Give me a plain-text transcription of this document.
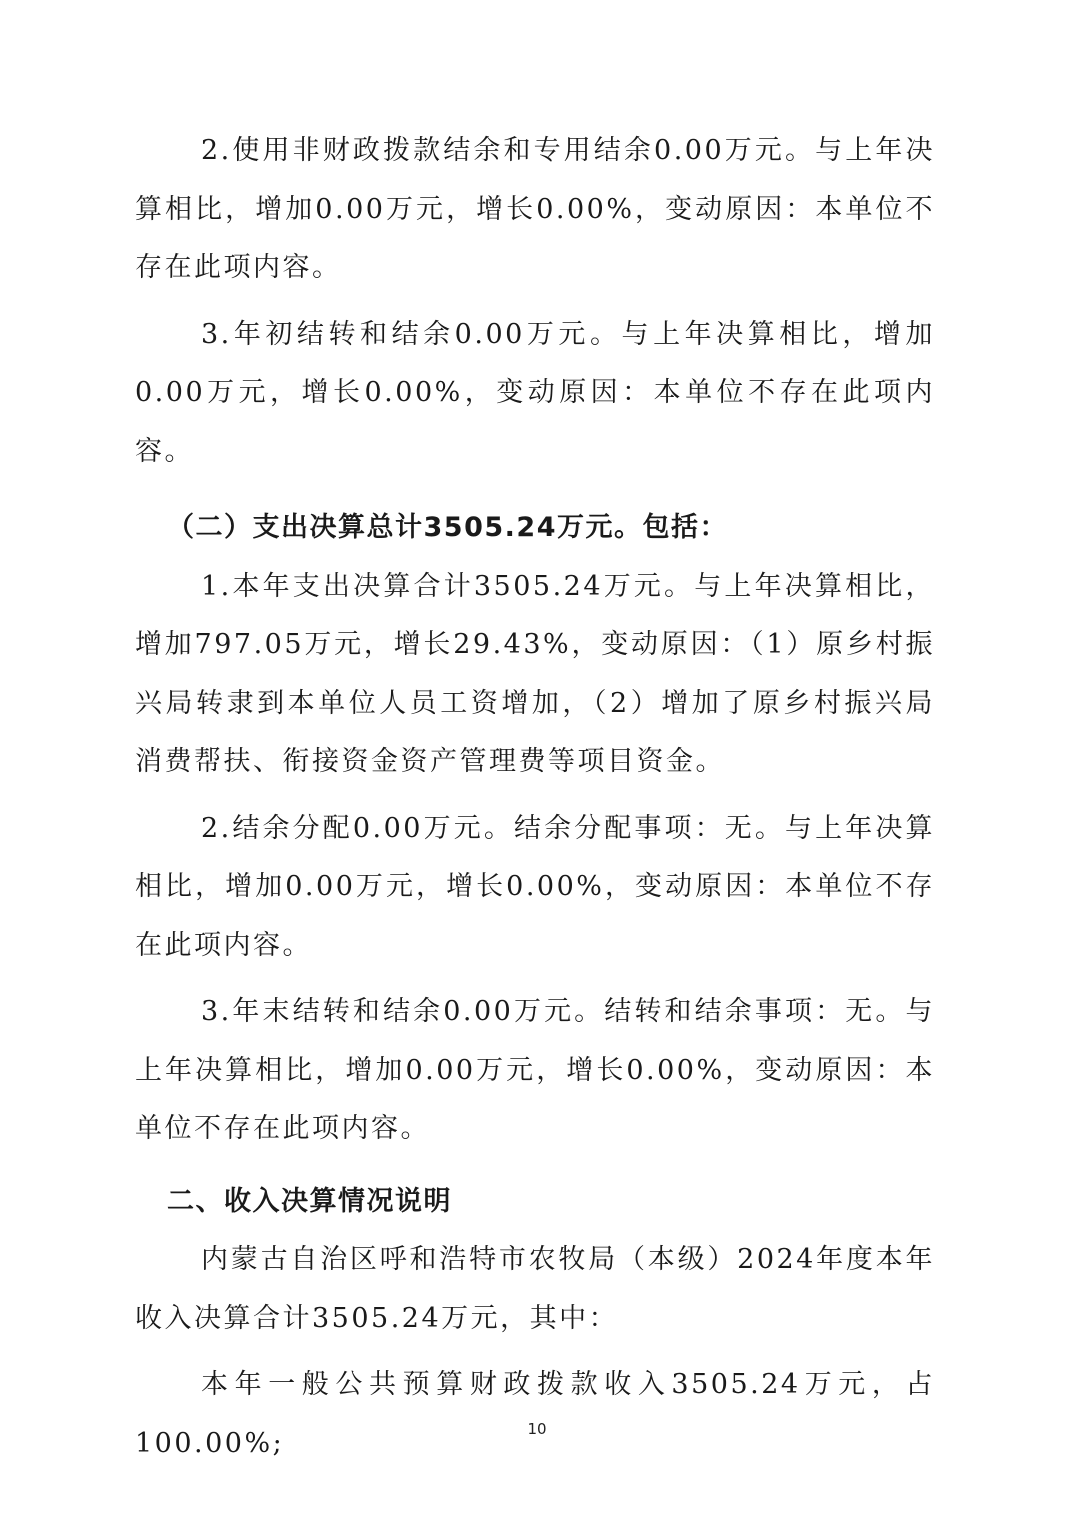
2.使用非财政拨款结余和专用结余0.00万元。与上年决算相比，增加0.00万元，增长0.00%，变动原因：本单位不存在此项内容。

3.年初结转和结余0.00万元。与上年决算相比，增加0.00万元，增长0.00%，变动原因：本单位不存在此项内容。

（二）支出决算总计3505.24万元。包括：

1.本年支出决算合计3505.24万元。与上年决算相比，增加797.05万元，增长29.43%，变动原因：（1）原乡村振兴局转隶到本单位人员工资增加，（2）增加了原乡村振兴局消费帮扶、衔接资金资产管理费等项目资金。

2.结余分配0.00万元。结余分配事项：无。与上年决算相比，增加0.00万元，增长0.00%，变动原因：本单位不存在此项内容。

3.年末结转和结余0.00万元。结转和结余事项：无。与上年决算相比，增加0.00万元，增长0.00%，变动原因：本单位不存在此项内容。

二、收入决算情况说明

内蒙古自治区呼和浩特市农牧局（本级）2024年度本年收入决算合计3505.24万元，其中：

本年一般公共预算财政拨款收入3505.24万元，占100.00%;	10
